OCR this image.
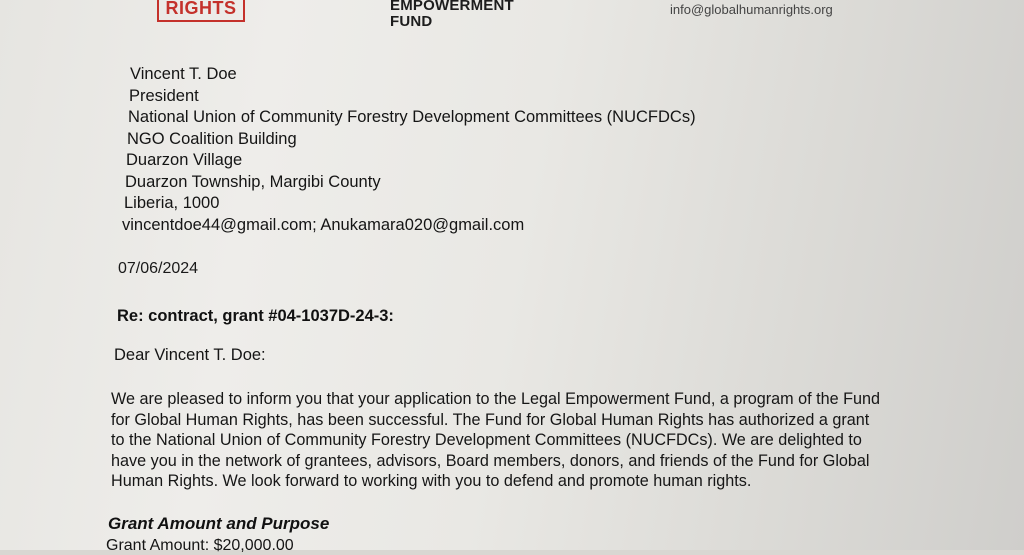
RIGHTS	EMPOWERMENT
FUND
info@globalhumanrights.org
Vincent T. Doe
President
National Union of Community Forestry Development Committees (NUCFDCs)
NGO Coalition Building
Duarzon Village
Duarzon Township, Margibi County
Liberia, 1000
vincentdoe44@gmail.com; Anukamara020@gmail.com
07/06/2024
Re: contract, grant #04-1037D-24-3:
Dear Vincent T. Doe:
We are pleased to inform you that your application to the Legal Empowerment Fund, a program of the Fund
for Global Human Rights, has been successful. The Fund for Global Human Rights has authorized a grant
to the National Union of Community Forestry Development Committees (NUCFDCs). We are delighted to
have you in the network of grantees, advisors, Board members, donors, and friends of the Fund for Global
Human Rights. We look forward to working with you to defend and promote human rights.
Grant Amount and Purpose
Grant Amount: $20,000.00
